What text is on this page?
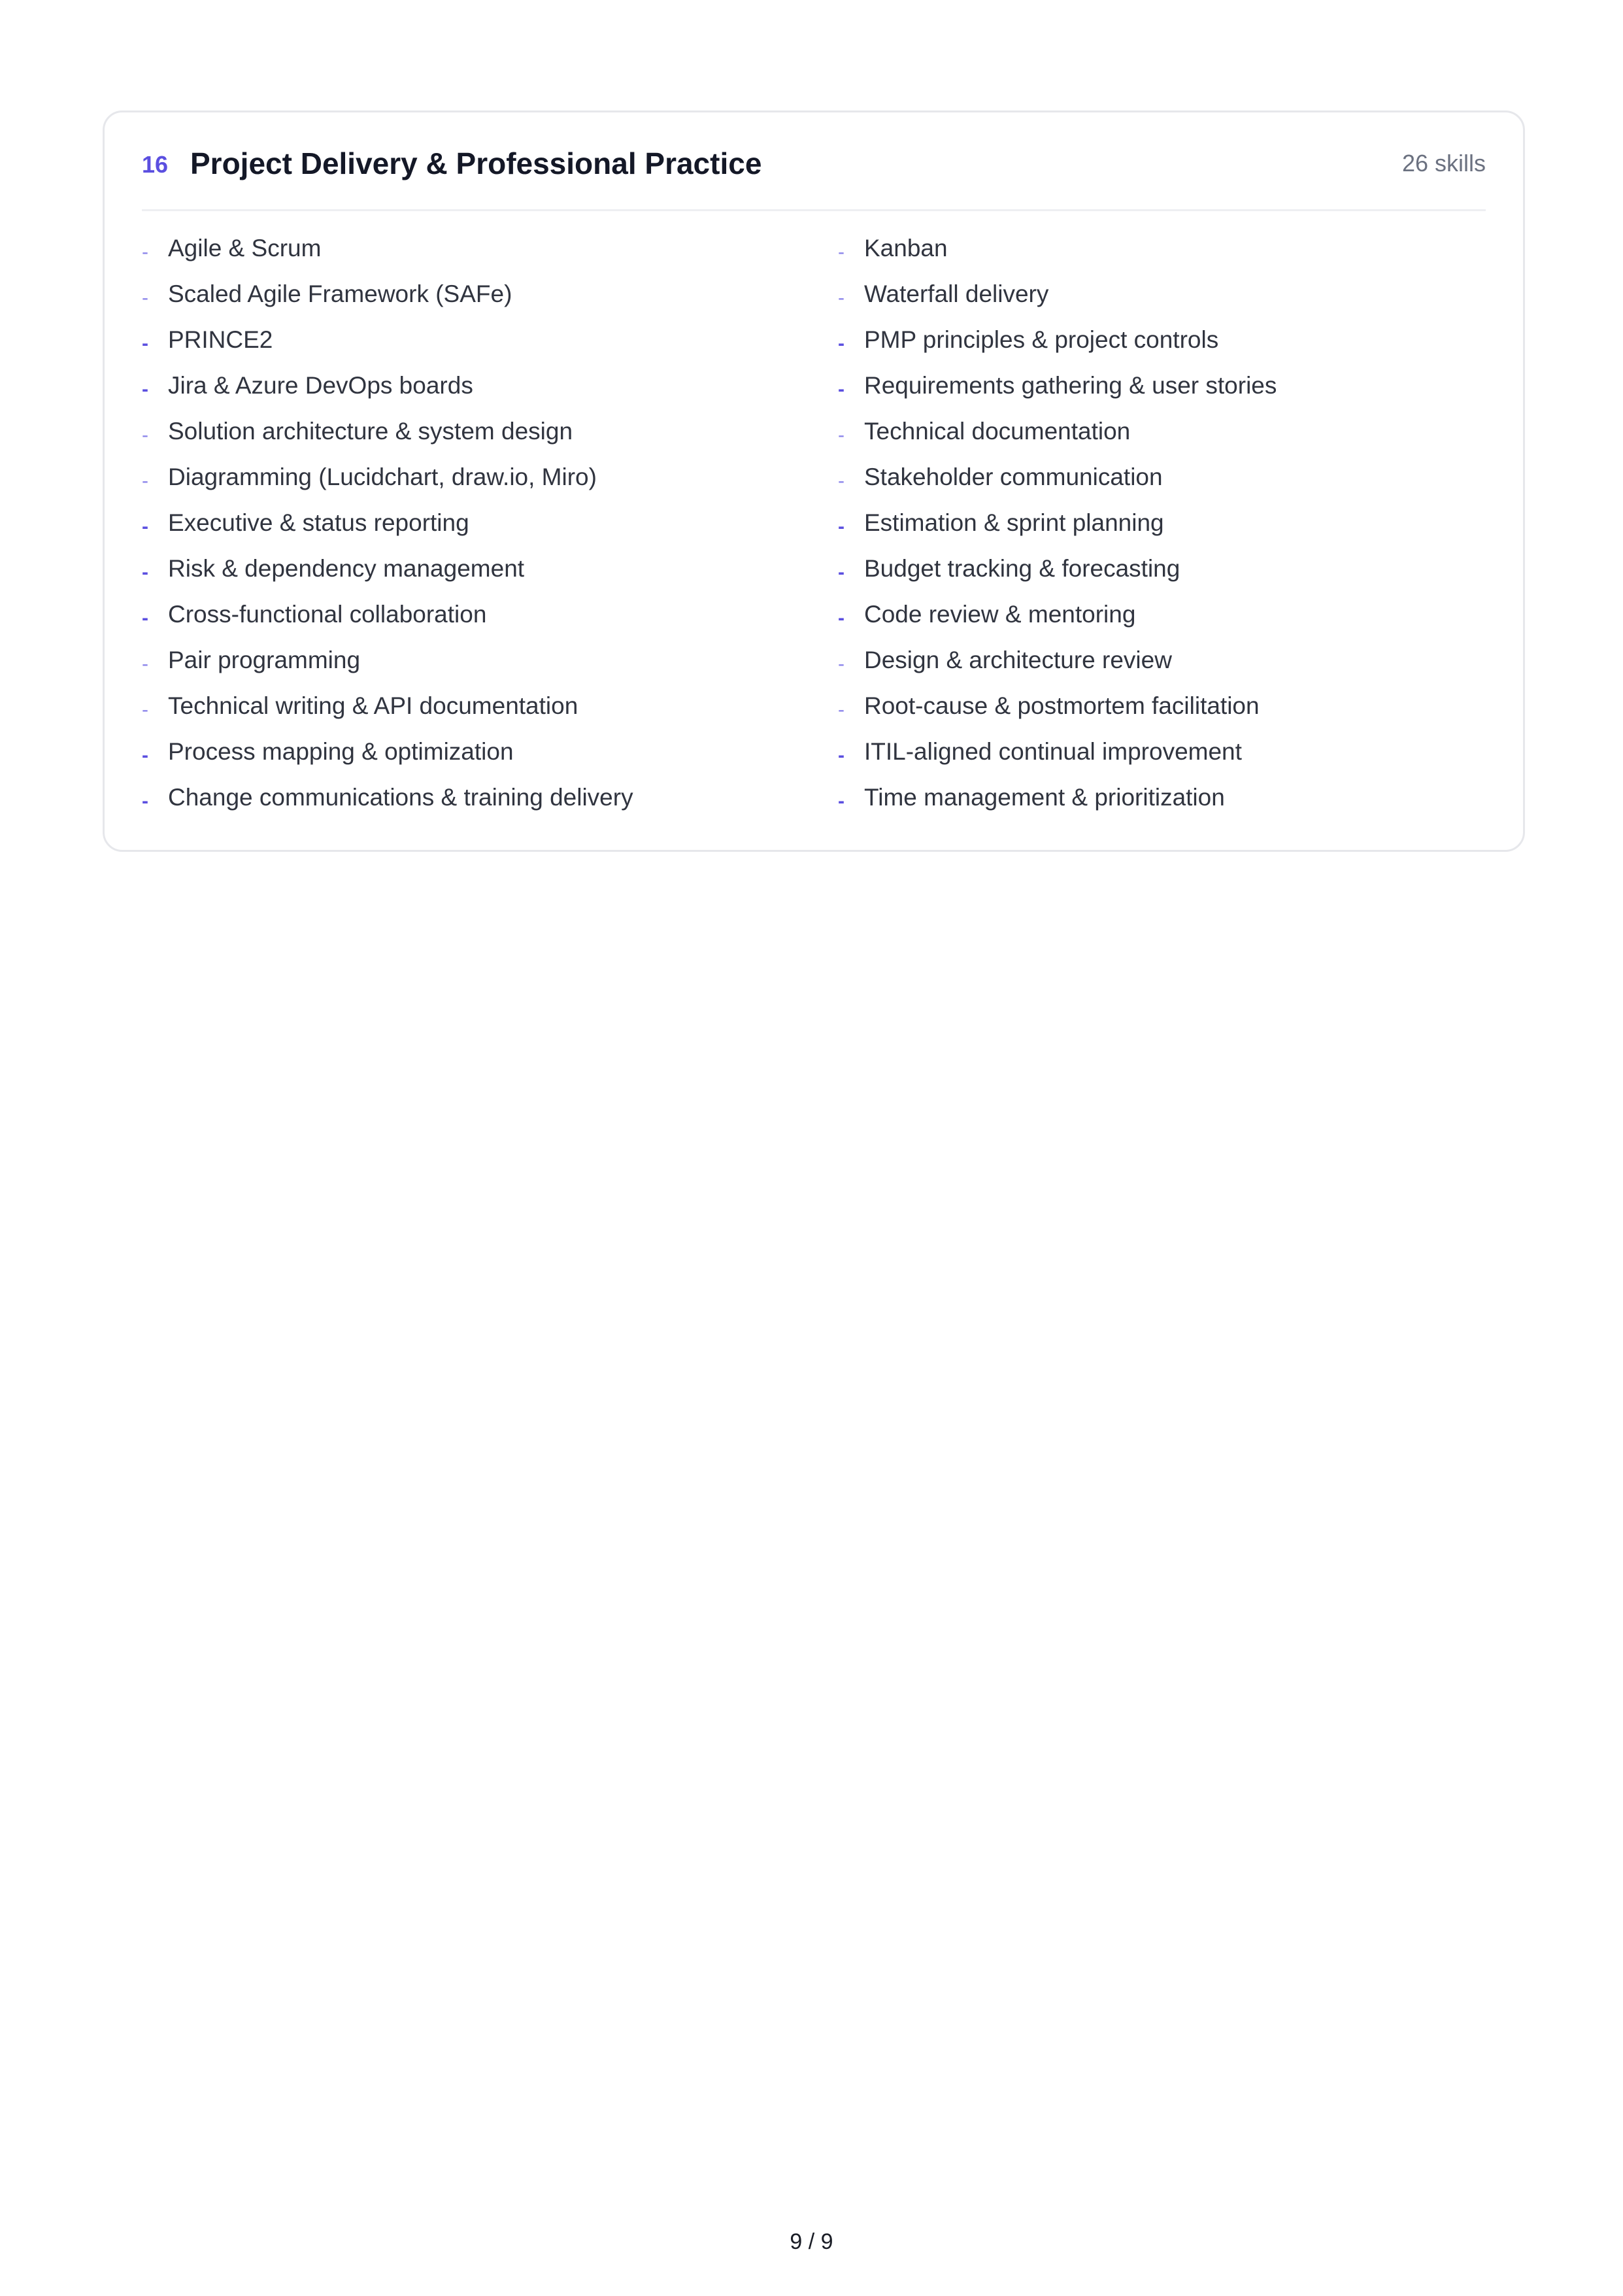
16 Project Delivery & Professional Practice	26 skills
- Agile & Scrum
- Scaled Agile Framework (SAFe)
- PRINCE2
- Jira & Azure DevOps boards
- Solution architecture & system design
- Diagramming (Lucidchart, draw.io, Miro)
- Executive & status reporting
- Risk & dependency management
- Cross-functional collaboration
- Pair programming
- Technical writing & API documentation
- Process mapping & optimization
- Change communications & training delivery
- Kanban
- Waterfall delivery
- PMP principles & project controls
- Requirements gathering & user stories
- Technical documentation
- Stakeholder communication
- Estimation & sprint planning
- Budget tracking & forecasting
- Code review & mentoring
- Design & architecture review
- Root-cause & postmortem facilitation
- ITIL-aligned continual improvement
- Time management & prioritization
9 / 9
